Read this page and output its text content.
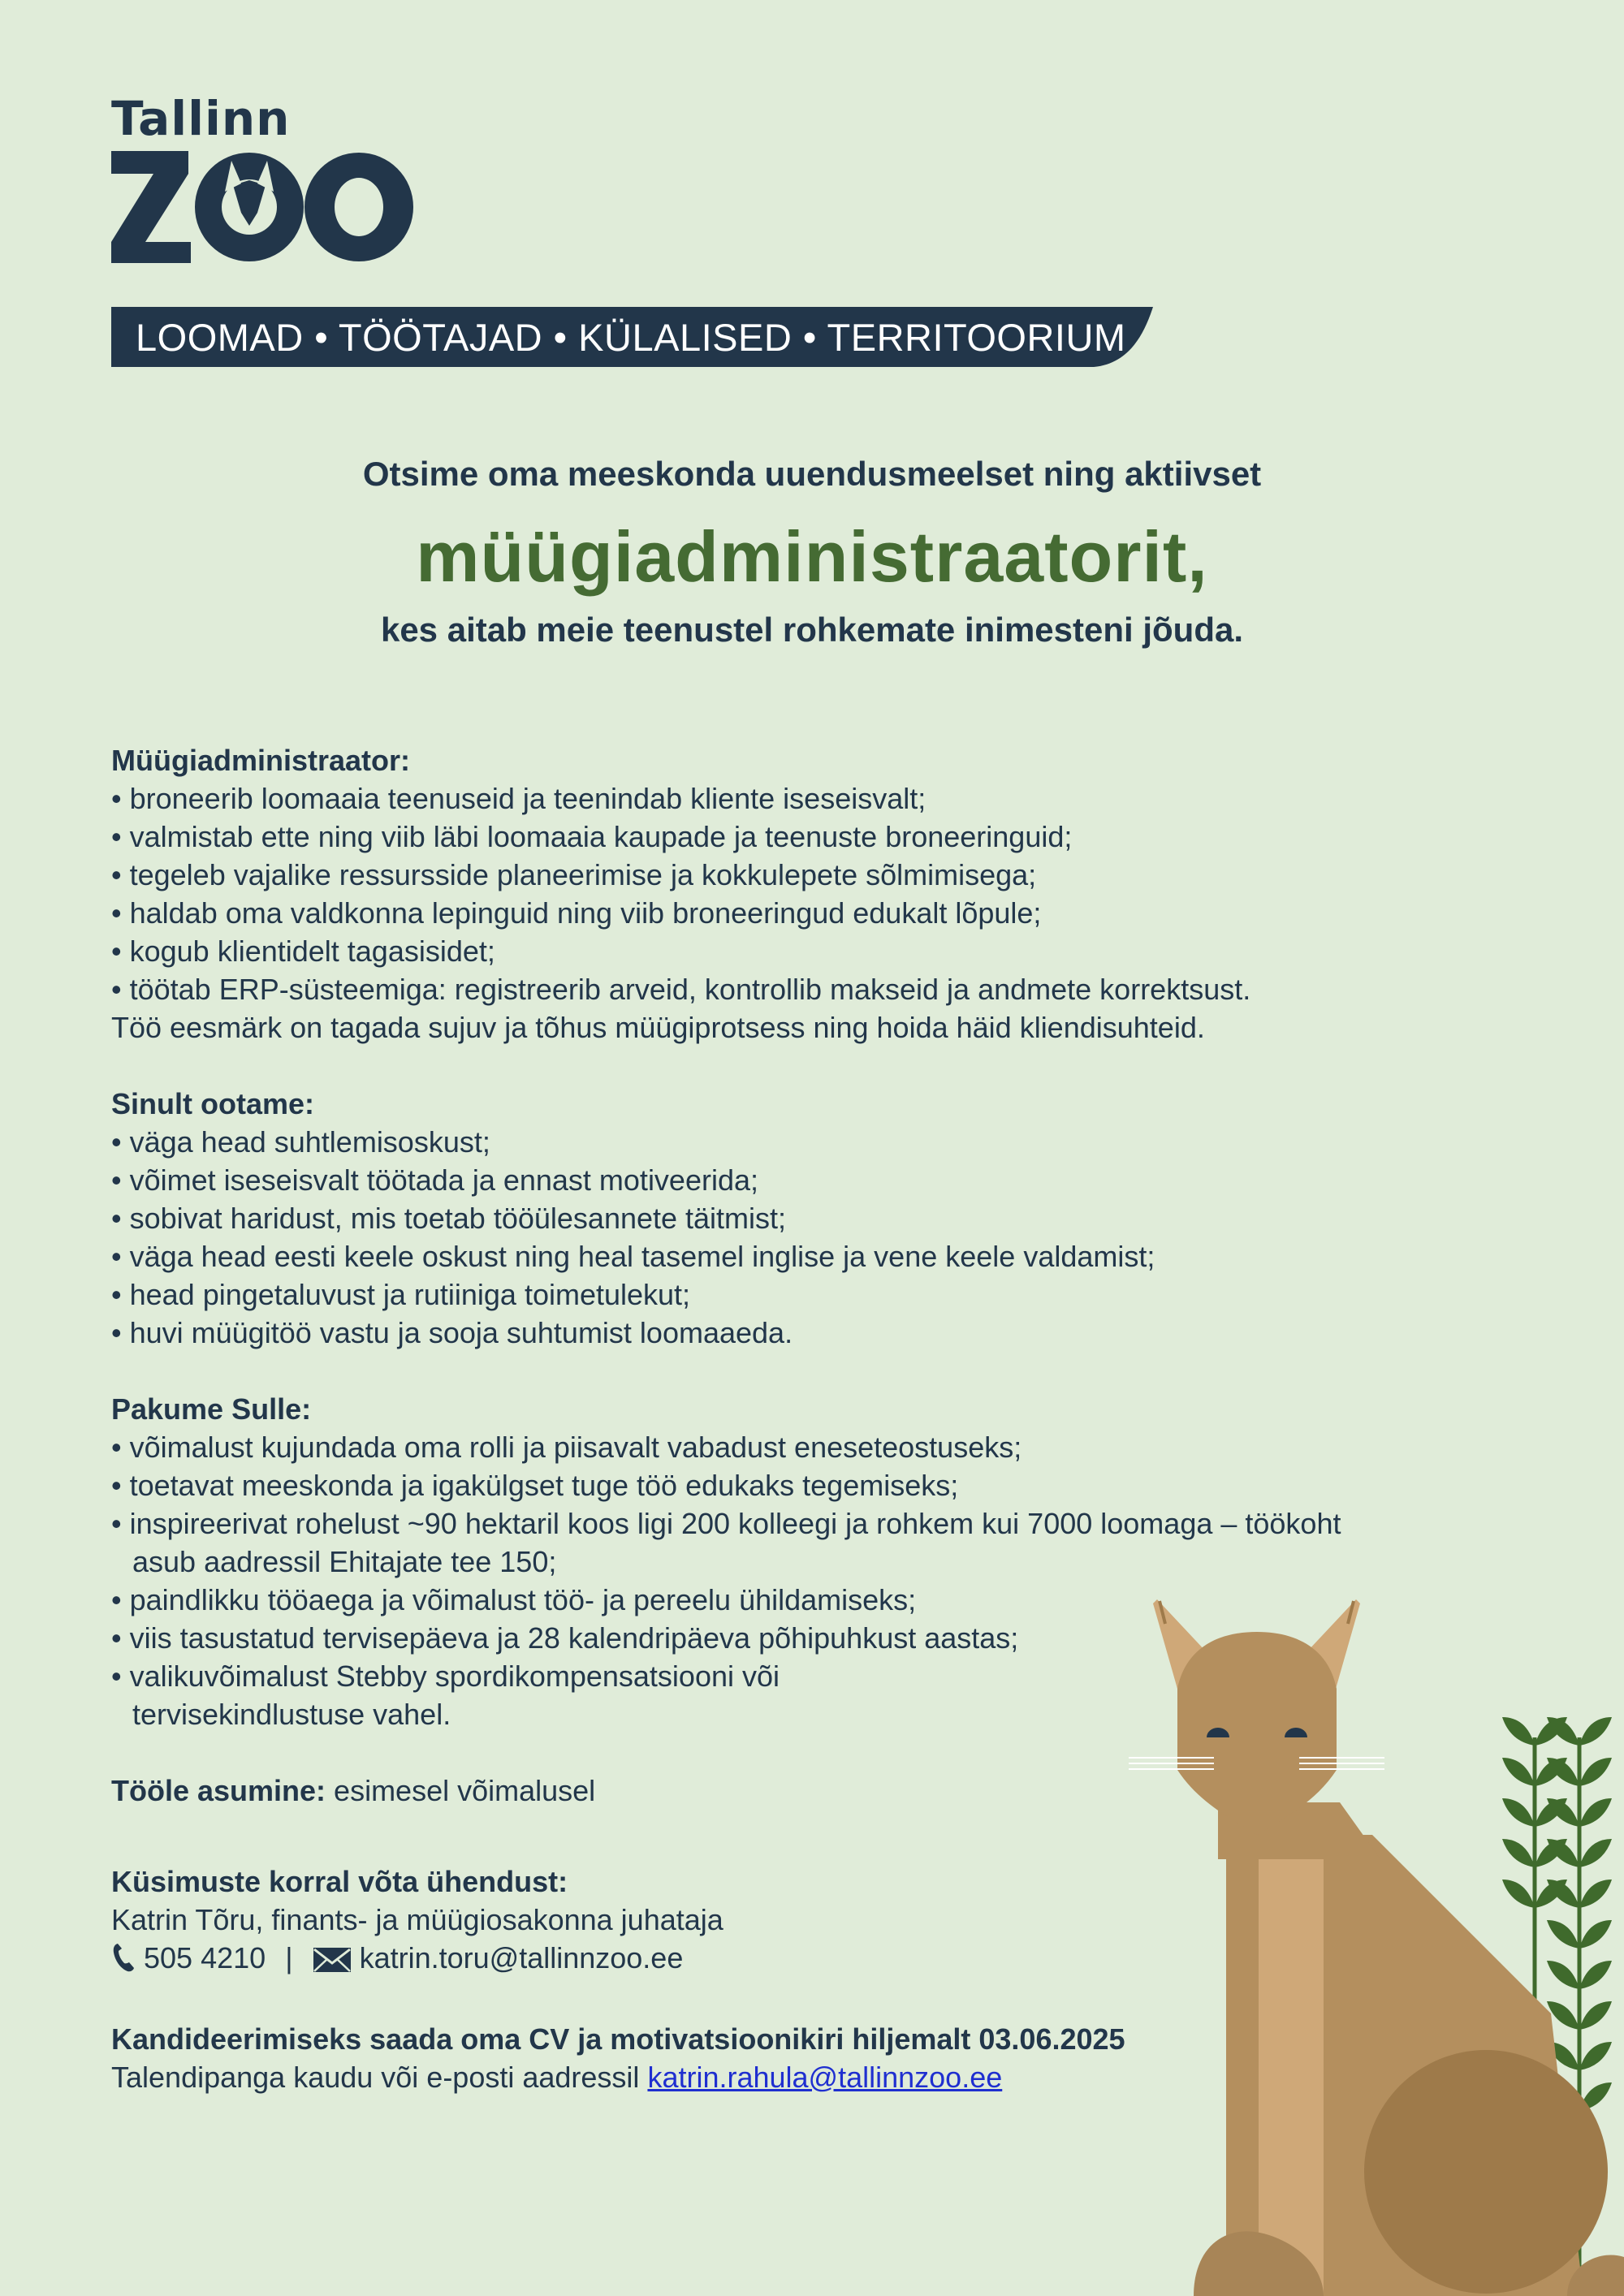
Tallinn
LOOMAD • TÖÖTAJAD • KÜLALISED • TERRITOORIUM
Otsime oma meeskonda uuendusmeelset ning aktiivset
müügiadministraatorit,
kes aitab meie teenustel rohkemate inimesteni jõuda.

Müügiadministraator:

• broneerib loomaaia teenuseid ja teenindab kliente iseseisvalt;

• valmistab ette ning viib läbi loomaaia kaupade ja teenuste broneeringuid;

• tegeleb vajalike ressursside planeerimise ja kokkulepete sõlmimisega;

• haldab oma valdkonna lepinguid ning viib broneeringud edukalt lõpule;

• kogub klientidelt tagasisidet;

• töötab ERP-süsteemiga: registreerib arveid, kontrollib makseid ja andmete korrektsust.

Töö eesmärk on tagada sujuv ja tõhus müügiprotsess ning hoida häid kliendisuhteid.

Sinult ootame:

• väga head suhtlemisoskust;

• võimet iseseisvalt töötada ja ennast motiveerida;

• sobivat haridust, mis toetab tööülesannete täitmist;

• väga head eesti keele oskust ning heal tasemel inglise ja vene keele valdamist;

• head pingetaluvust ja rutiiniga toimetulekut;

• huvi müügitöö vastu ja sooja suhtumist loomaaeda.

Pakume Sulle:

• võimalust kujundada oma rolli ja piisavalt vabadust eneseteostuseks;

• toetavat meeskonda ja igakülgset tuge töö edukaks tegemiseks;

• inspireerivat rohelust ~90 hektaril koos ligi 200 kolleegi ja rohkem kui 7000 loomaga – töökoht asub aadressil Ehitajate tee 150;

• paindlikku tööaega ja võimalust töö- ja pereelu ühildamiseks;

• viis tasustatud tervisepäeva ja 28 kalendripäeva põhipuhkust aastas;

• valikuvõimalust Stebby spordikompensatsiooni või tervisekindlustuse vahel.

Tööle asumine: esimesel võimalusel

Küsimuste korral võta ühendust:

Katrin Tõru, finants- ja müügiosakonna juhataja

505 4210 | katrin.toru@tallinnzoo.ee

Kandideerimiseks saada oma CV ja motivatsioonikiri hiljemalt 03.06.2025

Talendipanga kaudu või e-posti aadressil katrin.rahula@tallinnzoo.ee
